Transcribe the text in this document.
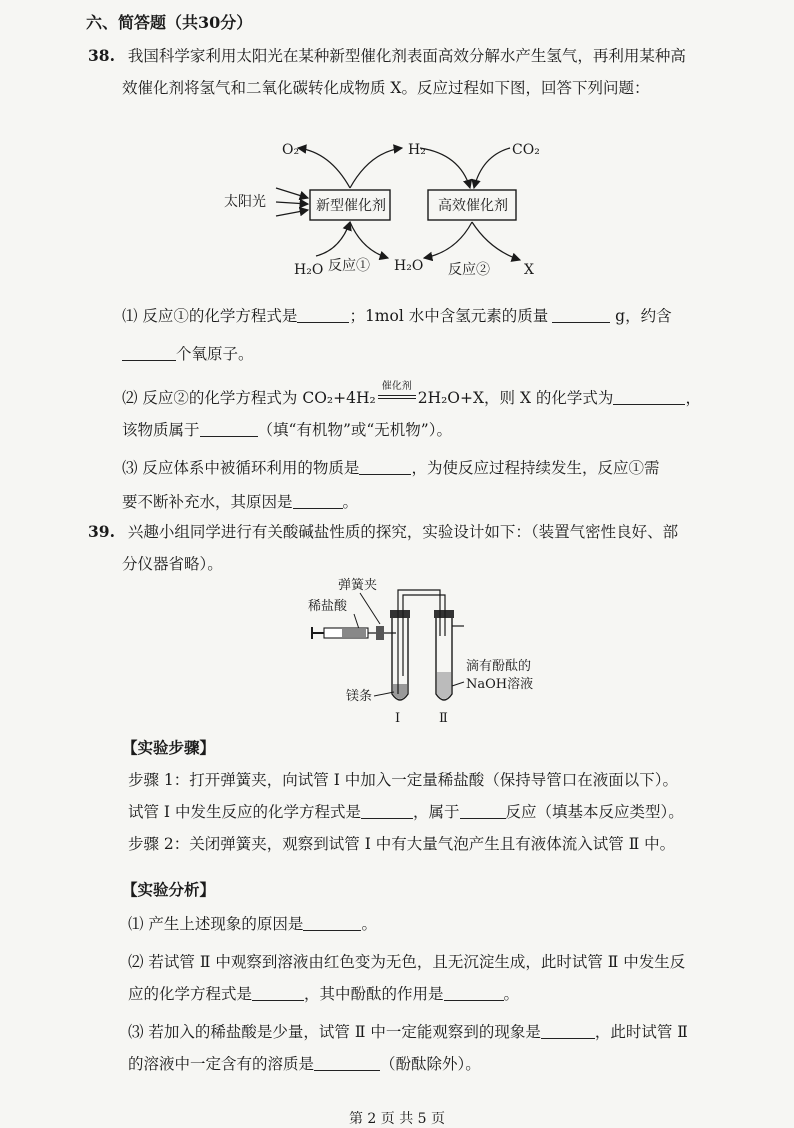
六、简答题（共30分）
38. 我国科学家利用太阳光在某种新型催化剂表面高效分解水产生氢气，再利用某种高
效催化剂将氢气和二氧化碳转化成物质 X。反应过程如下图，回答下列问题：
O₂	H₂	CO₂
太阳光	新型催化剂	高效催化剂
H₂O 反应① H₂O 反应② X
⑴ 反应①的化学方程式是	；1mol 水中含氢元素的质量	g，约含
个氧原子。
⑵ 反应②的化学方程式为 CO₂+4H₂
催化剂
2H₂O+X，则 X 的化学式为	，
该物质属于	（填“有机物”或“无机物”）。
⑶ 反应体系中被循环利用的物质是	，为使反应过程持续发生，反应①需
要不断补充水，其原因是	。
39. 兴趣小组同学进行有关酸碱盐性质的探究，实验设计如下：（装置气密性良好、部
分仪器省略）。
弹簧夹
稀盐酸
镁条
滴有酚酞的
NaOH溶液
Ⅰ	Ⅱ
【实验步骤】
步骤 1：打开弹簧夹，向试管 Ⅰ 中加入一定量稀盐酸（保持导管口在液面以下）。
试管 Ⅰ 中发生反应的化学方程式是	，属于	反应（填基本反应类型）。
步骤 2：关闭弹簧夹，观察到试管 Ⅰ 中有大量气泡产生且有液体流入试管 Ⅱ 中。
【实验分析】
⑴ 产生上述现象的原因是	。
⑵ 若试管 Ⅱ 中观察到溶液由红色变为无色，且无沉淀生成，此时试管 Ⅱ 中发生反
应的化学方程式是	，其中酚酞的作用是	。
⑶ 若加入的稀盐酸是少量，试管 Ⅱ 中一定能观察到的现象是	，此时试管 Ⅱ
的溶液中一定含有的溶质是	（酚酞除外）。
第 2 页 共 5 页
